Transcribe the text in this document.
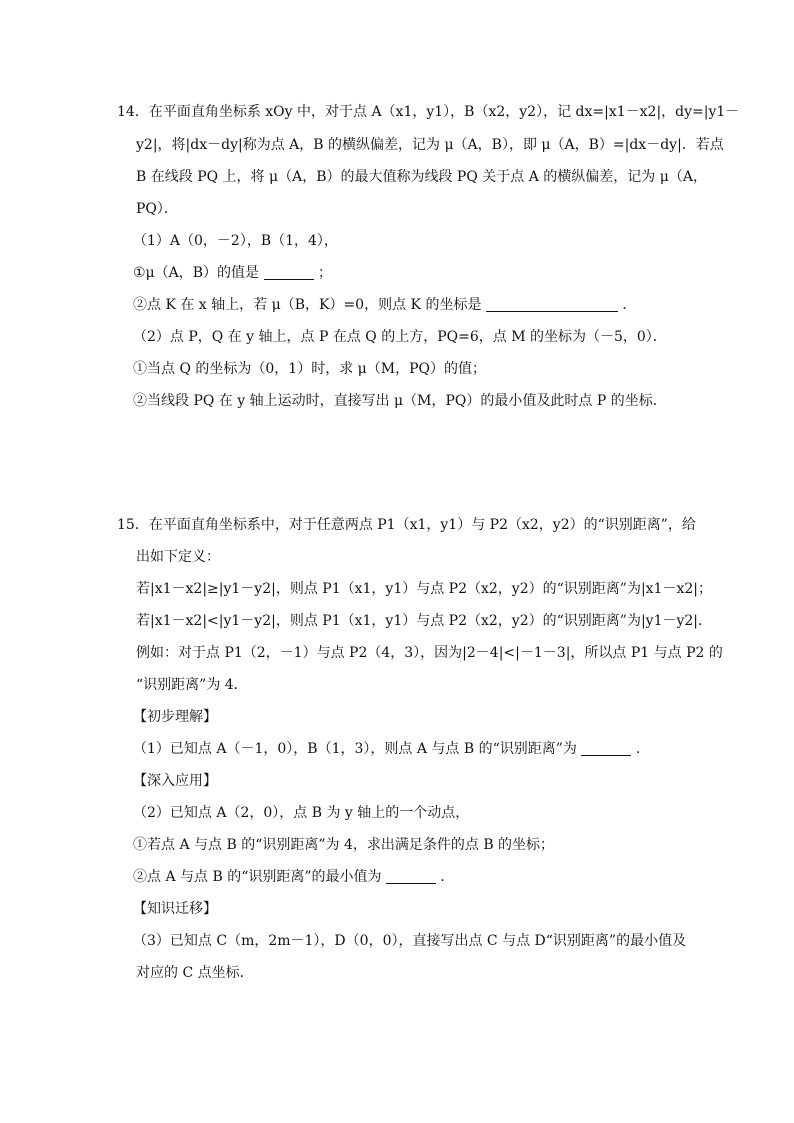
14．在平面直角坐标系 xOy 中，对于点 A（x1，y1），B（x2，y2），记 dx=|x1－x2|，dy=|y1－
y2|，将|dx－dy|称为点 A，B 的横纵偏差，记为 μ（A，B），即 μ（A，B）=|dx－dy|．若点
B 在线段 PQ 上，将 μ（A，B）的最大值称为线段 PQ 关于点 A 的横纵偏差，记为 μ（A，
PQ）．
（1）A（0，－2），B（1，4），
①μ（A，B）的值是	；
②点 K 在 x 轴上，若 μ（B，K）=0，则点 K 的坐标是	．
（2）点 P，Q 在 y 轴上，点 P 在点 Q 的上方，PQ=6，点 M 的坐标为（－5，0）．
①当点 Q 的坐标为（0，1）时，求 μ（M，PQ）的值；
②当线段 PQ 在 y 轴上运动时，直接写出 μ（M，PQ）的最小值及此时点 P 的坐标．
15．在平面直角坐标系中，对于任意两点 P1（x1，y1）与 P2（x2，y2）的“识别距离”，给
出如下定义：
若|x1－x2|≥|y1－y2|，则点 P1（x1，y1）与点 P2（x2，y2）的“识别距离”为|x1－x2|；
若|x1－x2|<|y1－y2|，则点 P1（x1，y1）与点 P2（x2，y2）的“识别距离”为|y1－y2|．
例如：对于点 P1（2，－1）与点 P2（4，3），因为|2－4|<|－1－3|，所以点 P1 与点 P2 的
“识别距离”为 4．
【初步理解】
（1）已知点 A（－1，0），B（1，3），则点 A 与点 B 的“识别距离”为	．
【深入应用】
（2）已知点 A（2，0），点 B 为 y 轴上的一个动点，
①若点 A 与点 B 的“识别距离”为 4，求出满足条件的点 B 的坐标；
②点 A 与点 B 的“识别距离”的最小值为	．
【知识迁移】
（3）已知点 C（m，2m－1），D（0，0），直接写出点 C 与点 D“识别距离”的最小值及
对应的 C 点坐标．
